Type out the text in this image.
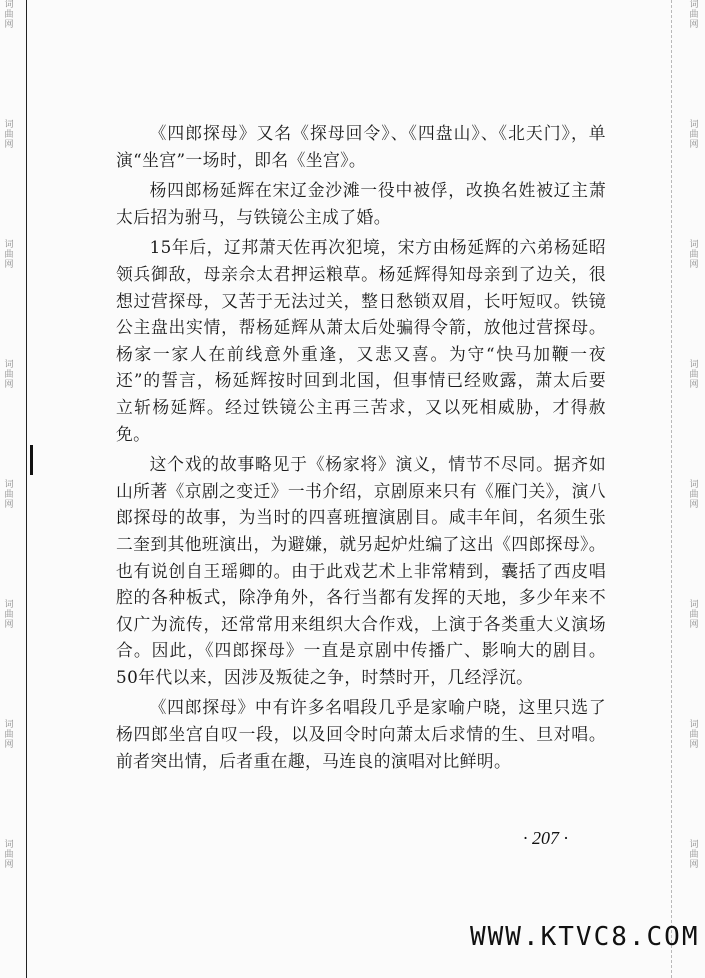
词曲网
词曲网
词曲网
词曲网
词曲网
词曲网
词曲网
词曲网
词曲网
词曲网
词曲网
词曲网
词曲网
词曲网
词曲网
词曲网

《四郎探母》又名《探母回令》、《四盘山》、《北天门》，单演“坐宫”一场时，即名《坐宫》。

杨四郎杨延辉在宋辽金沙滩一役中被俘，改换名姓被辽主萧太后招为驸马，与铁镜公主成了婚。

15年后，辽邦萧天佐再次犯境，宋方由杨延辉的六弟杨延昭领兵御敌，母亲佘太君押运粮草。杨延辉得知母亲到了边关，很想过营探母，又苦于无法过关，整日愁锁双眉，长吁短叹。铁镜公主盘出实情，帮杨延辉从萧太后处骗得令箭，放他过营探母。杨家一家人在前线意外重逢，又悲又喜。为守“快马加鞭一夜还”的誓言，杨延辉按时回到北国，但事情已经败露，萧太后要立斩杨延辉。经过铁镜公主再三苦求，又以死相威胁，才得赦免。

这个戏的故事略见于《杨家将》演义，情节不尽同。据齐如山所著《京剧之变迁》一书介绍，京剧原来只有《雁门关》，演八郎探母的故事，为当时的四喜班擅演剧目。咸丰年间，名须生张二奎到其他班演出，为避嫌，就另起炉灶编了这出《四郎探母》。也有说创自王瑶卿的。由于此戏艺术上非常精到，囊括了西皮唱腔的各种板式，除净角外，各行当都有发挥的天地，多少年来不仅广为流传，还常常用来组织大合作戏，上演于各类重大义演场合。因此，《四郎探母》一直是京剧中传播广、影响大的剧目。50年代以来，因涉及叛徒之争，时禁时开，几经浮沉。

《四郎探母》中有许多名唱段几乎是家喻户晓，这里只选了杨四郎坐宫自叹一段，以及回令时向萧太后求情的生、旦对唱。前者突出情，后者重在趣，马连良的演唱对比鲜明。

· 207 ·
WWW.KTVC8.COM
